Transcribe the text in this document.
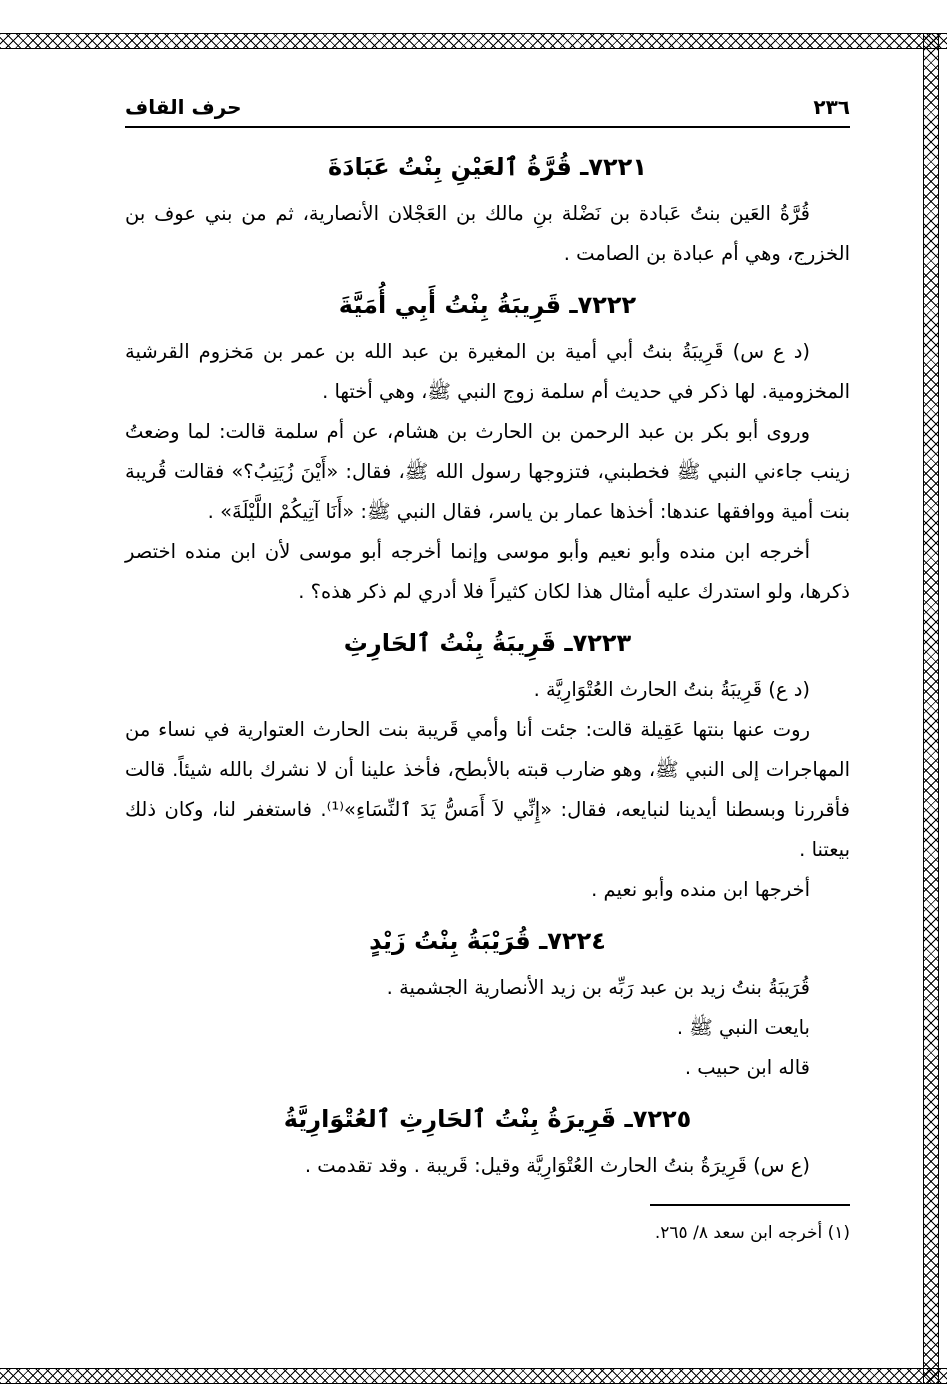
٢٣٦
حرف القاف
٧٢٢١ـ قُرَّةُ ٱلعَيْنِ بِنْتُ عَبَادَةَ

قُرَّةُ العَين بنتُ عَبادة بن نَضْلة بنِ مالك بن العَجْلان الأنصارية، ثم من بني عوف بن الخزرج، وهي أم عبادة بن الصامت .

٧٢٢٢ـ قَرِيبَةُ بِنْتُ أَبِي أُمَيَّةَ

(د ع س) قَرِيبَةُ بنتُ أبي أمية بن المغيرة بن عبد الله بن عمر بن مَخزوم القرشية المخزومية. لها ذكر في حديث أم سلمة زوج النبي ﷺ، وهي أختها .

وروى أبو بكر بن عبد الرحمن بن الحارث بن هشام، عن أم سلمة قالت: لما وضعتُ زينب جاءني النبي ﷺ فخطبني، فتزوجها رسول الله ﷺ، فقال: «أَيْنَ زُيَنِبُ؟» فقالت قُريبة بنت أمية ووافقها عندها: أخذها عمار بن ياسر، فقال النبي ﷺ: «أَنَا آتِيكُمْ اللَّيْلَةَ» .

أخرجه ابن منده وأبو نعيم وأبو موسى وإنما أخرجه أبو موسى لأن ابن منده اختصر ذكرها، ولو استدرك عليه أمثال هذا لكان كثيراً فلا أدري لم ذكر هذه؟ .

٧٢٢٣ـ قَرِيبَةُ بِنْتُ ٱلحَارِثِ

(د ع) قَرِيبَةُ بنتُ الحارث العُتْوَارِيَّة .

روت عنها بنتها عَقِيلة قالت: جئت أنا وأمي قَريبة بنت الحارث العتوارية في نساء من المهاجرات إلى النبي ﷺ، وهو ضارب قبته بالأبطح، فأخذ علينا أن لا نشرك بالله شيئاً. قالت فأقررنا وبسطنا أيدينا لنبايعه، فقال: «إِنِّي لاَ أَمَسُّ يَدَ ٱلنِّسَاءِ»⁽¹⁾. فاستغفر لنا، وكان ذلك بيعتنا .

أخرجها ابن منده وأبو نعيم .

٧٢٢٤ـ قُرَيْبَةُ بِنْتُ زَيْدٍ

قُرَيبَةُ بنتُ زيد بن عبد رَبِّه بن زيد الأنصارية الجشمية .

بايعت النبي ﷺ .

قاله ابن حبيب .

٧٢٢٥ـ قَرِيرَةُ بِنْتُ ٱلحَارِثِ ٱلعُتْوَارِيَّةُ

(ع س) قَرِيرَةُ بنتُ الحارث العُتْوَارِيَّة وقيل: قَريبة . وقد تقدمت .

(١) أخرجه ابن سعد ٨/ ٢٦٥.
